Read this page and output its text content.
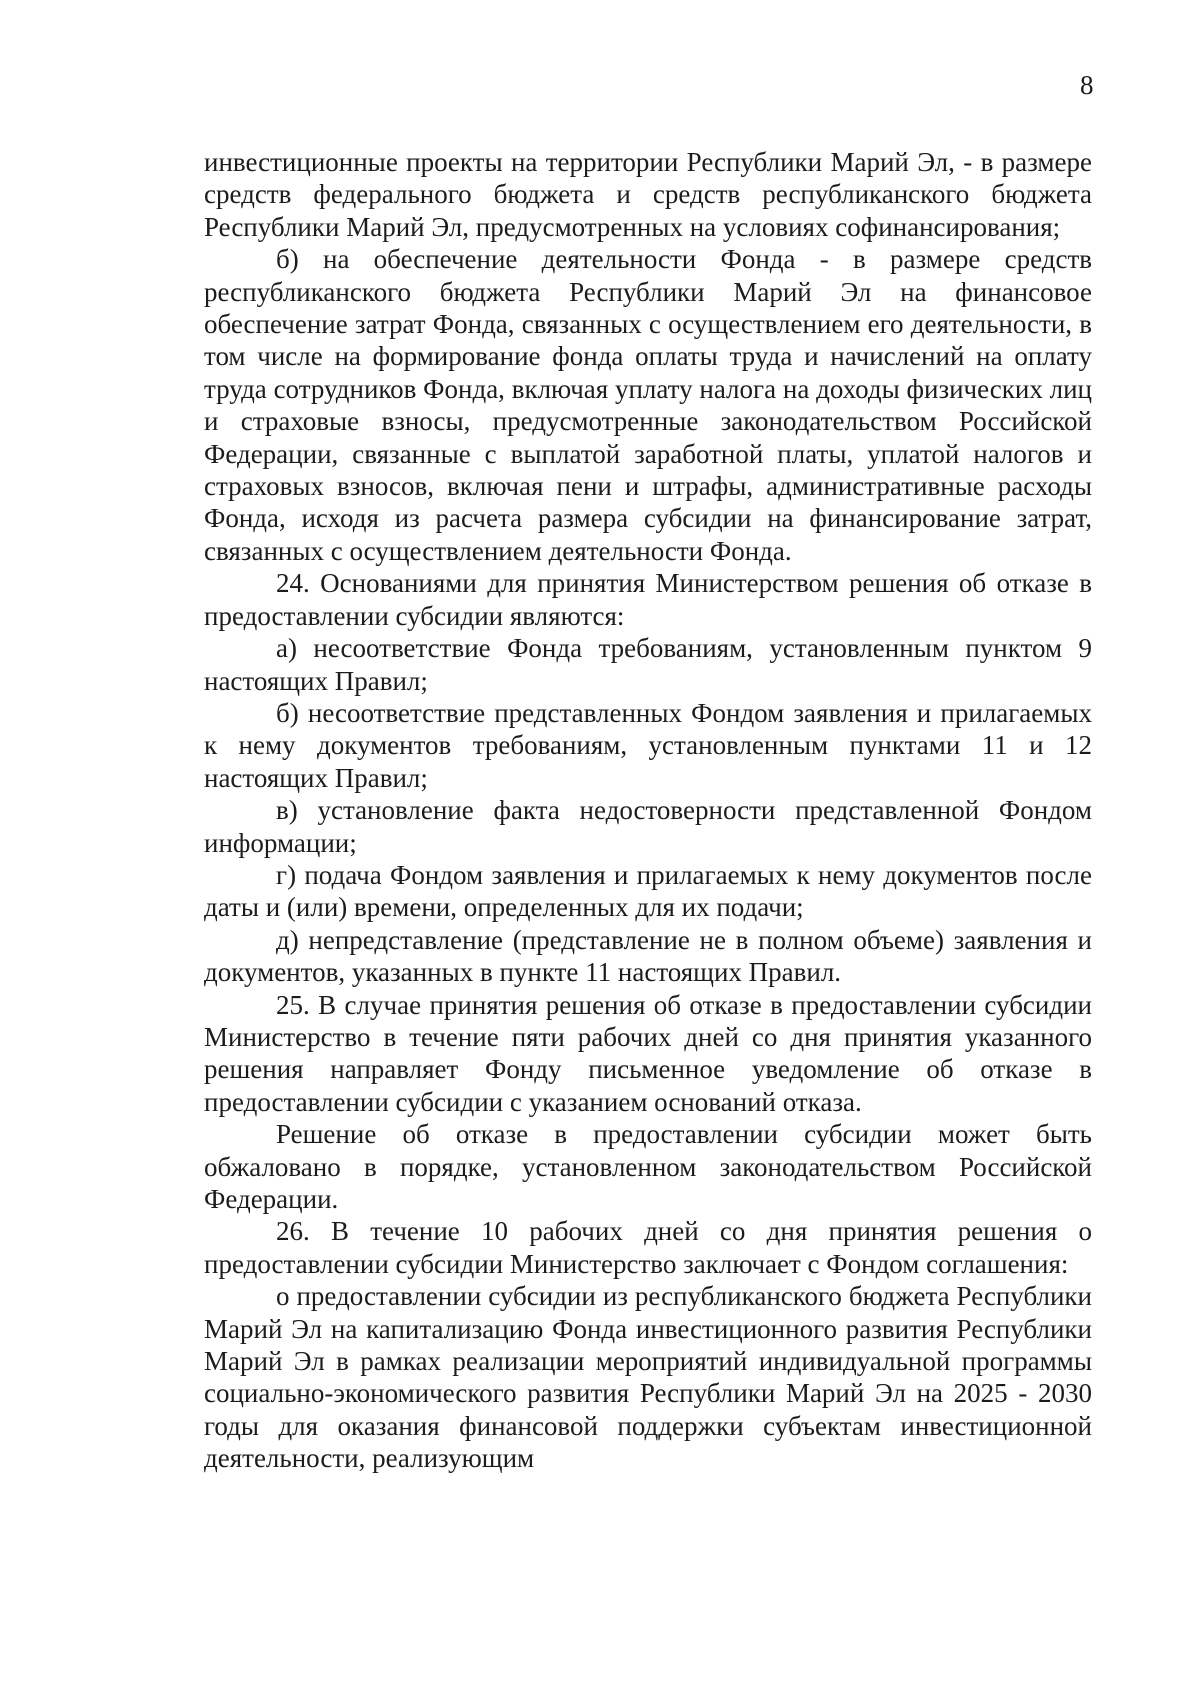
8

инвестиционные проекты на территории Республики Марий Эл, - в размере средств федерального бюджета и средств республиканского бюджета Республики Марий Эл, предусмотренных на условиях софинансирования;

б) на обеспечение деятельности Фонда - в размере средств республиканского бюджета Республики Марий Эл на финансовое обеспечение затрат Фонда, связанных с осуществлением его деятельности, в том числе на формирование фонда оплаты труда и начислений на оплату труда сотрудников Фонда, включая уплату налога на доходы физических лиц и страховые взносы, предусмотренные законодательством Российской Федерации, связанные с выплатой заработной платы, уплатой налогов и страховых взносов, включая пени и штрафы, административные расходы Фонда, исходя из расчета размера субсидии на финансирование затрат, связанных с осуществлением деятельности Фонда.

24. Основаниями для принятия Министерством решения об отказе в предоставлении субсидии являются:

а) несоответствие Фонда требованиям, установленным пунктом 9 настоящих Правил;

б) несоответствие представленных Фондом заявления и прилагаемых к нему документов требованиям, установленным пунктами 11 и 12 настоящих Правил;

в) установление факта недостоверности представленной Фондом информации;

г) подача Фондом заявления и прилагаемых к нему документов после даты и (или) времени, определенных для их подачи;

д) непредставление (представление не в полном объеме) заявления и документов, указанных в пункте 11 настоящих Правил.

25. В случае принятия решения об отказе в предоставлении субсидии Министерство в течение пяти рабочих дней со дня принятия указанного решения направляет Фонду письменное уведомление об отказе в предоставлении субсидии с указанием оснований отказа.

Решение об отказе в предоставлении субсидии может быть обжаловано в порядке, установленном законодательством Российской Федерации.

26. В течение 10 рабочих дней со дня принятия решения о предоставлении субсидии Министерство заключает с Фондом соглашения:

о предоставлении субсидии из республиканского бюджета Республики Марий Эл на капитализацию Фонда инвестиционного развития Республики Марий Эл в рамках реализации мероприятий индивидуальной программы социально-экономического развития Республики Марий Эл на 2025 - 2030 годы для оказания финансовой поддержки субъектам инвестиционной деятельности, реализующим
